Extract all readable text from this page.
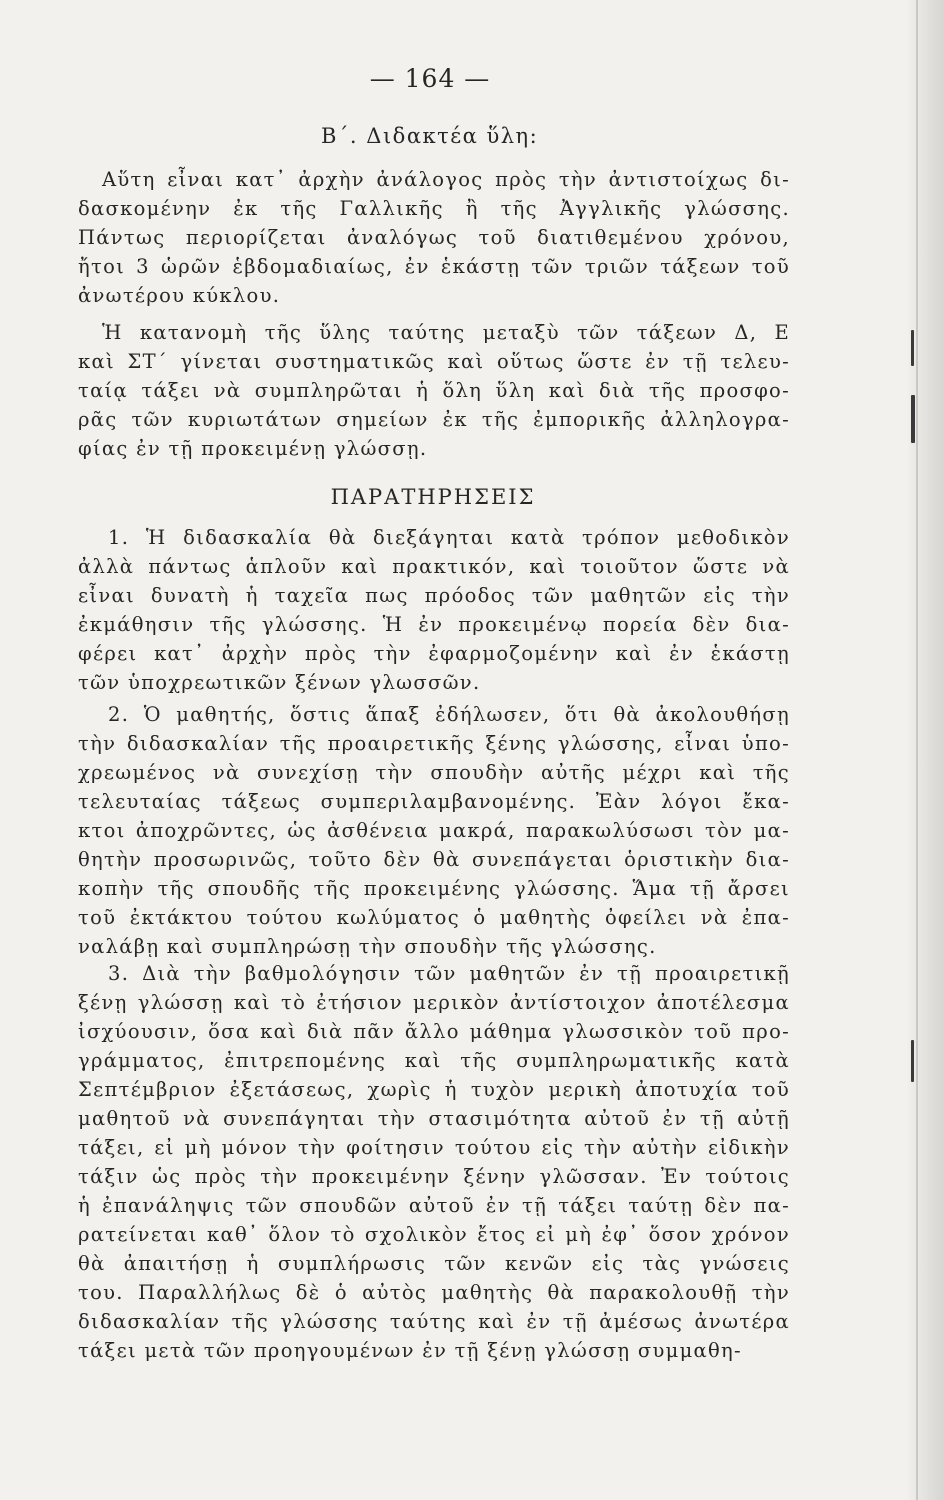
— 164 —
Β΄. Διδακτέα ὕλη:
Αὕτη εἶναι κατ᾽ ἀρχὴν ἀνάλογος πρὸς τὴν ἀντιστοίχως δι-
δασκομένην ἐκ τῆς Γαλλικῆς ἢ τῆς Ἀγγλικῆς γλώσσης.
Πάντως περιορίζεται ἀναλόγως τοῦ διατιθεμένου χρόνου,
ἤτοι 3 ὡρῶν ἑβδομαδιαίως, ἐν ἑκάστῃ τῶν τριῶν τάξεων τοῦ
ἀνωτέρου κύκλου.
Ἡ κατανομὴ τῆς ὕλης ταύτης μεταξὺ τῶν τάξεων Δ, Ε
καὶ ΣΤ΄ γίνεται συστηματικῶς καὶ οὕτως ὥστε ἐν τῇ τελευ-
ταίᾳ τάξει νὰ συμπληρῶται ἡ ὅλη ὕλη καὶ διὰ τῆς προσφο-
ρᾶς τῶν κυριωτάτων σημείων ἐκ τῆς ἐμπορικῆς ἀλληλογρα-
φίας ἐν τῇ προκειμένῃ γλώσσῃ.
ΠΑΡΑΤΗΡΗΣΕΙΣ
1. Ἡ διδασκαλία θὰ διεξάγηται κατὰ τρόπον μεθοδικὸν
ἀλλὰ πάντως ἁπλοῦν καὶ πρακτικόν, καὶ τοιοῦτον ὥστε νὰ
εἶναι δυνατὴ ἡ ταχεῖα πως πρόοδος τῶν μαθητῶν εἰς τὴν
ἐκμάθησιν τῆς γλώσσης. Ἡ ἐν προκειμένῳ πορεία δὲν δια-
φέρει κατ᾽ ἀρχὴν πρὸς τὴν ἐφαρμοζομένην καὶ ἐν ἑκάστῃ
τῶν ὑποχρεωτικῶν ξένων γλωσσῶν.
2. Ὁ μαθητής, ὅστις ἅπαξ ἐδήλωσεν, ὅτι θὰ ἀκολουθήσῃ
τὴν διδασκαλίαν τῆς προαιρετικῆς ξένης γλώσσης, εἶναι ὑπο-
χρεωμένος νὰ συνεχίσῃ τὴν σπουδὴν αὐτῆς μέχρι καὶ τῆς
τελευταίας τάξεως συμπεριλαμβανομένης. Ἐὰν λόγοι ἔκα-
κτοι ἀποχρῶντες, ὡς ἀσθένεια μακρά, παρακωλύσωσι τὸν μα-
θητὴν προσωρινῶς, τοῦτο δὲν θὰ συνεπάγεται ὁριστικὴν δια-
κοπὴν τῆς σπουδῆς τῆς προκειμένης γλώσσης. Ἅμα τῇ ἄρσει
τοῦ ἐκτάκτου τούτου κωλύματος ὁ μαθητὴς ὀφείλει νὰ ἐπα-
ναλάβῃ καὶ συμπληρώσῃ τὴν σπουδὴν τῆς γλώσσης.
3. Διὰ τὴν βαθμολόγησιν τῶν μαθητῶν ἐν τῇ προαιρετικῇ
ξένῃ γλώσσῃ καὶ τὸ ἐτήσιον μερικὸν ἀντίστοιχον ἀποτέλεσμα
ἰσχύουσιν, ὅσα καὶ διὰ πᾶν ἄλλο μάθημα γλωσσικὸν τοῦ προ-
γράμματος, ἐπιτρεπομένης καὶ τῆς συμπληρωματικῆς κατὰ
Σεπτέμβριον ἐξετάσεως, χωρὶς ἡ τυχὸν μερικὴ ἀποτυχία τοῦ
μαθητοῦ νὰ συνεπάγηται τὴν στασιμότητα αὐτοῦ ἐν τῇ αὐτῇ
τάξει, εἰ μὴ μόνον τὴν φοίτησιν τούτου εἰς τὴν αὐτὴν εἰδικὴν
τάξιν ὡς πρὸς τὴν προκειμένην ξένην γλῶσσαν. Ἐν τούτοις
ἡ ἐπανάληψις τῶν σπουδῶν αὐτοῦ ἐν τῇ τάξει ταύτῃ δὲν πα-
ρατείνεται καθ᾽ ὅλον τὸ σχολικὸν ἔτος εἰ μὴ ἐφ᾽ ὅσον χρόνον
θὰ ἀπαιτήσῃ ἡ συμπλήρωσις τῶν κενῶν εἰς τὰς γνώσεις
του. Παραλλήλως δὲ ὁ αὐτὸς μαθητὴς θὰ παρακολουθῇ τὴν
διδασκαλίαν τῆς γλώσσης ταύτης καὶ ἐν τῇ ἀμέσως ἀνωτέρα
τάξει μετὰ τῶν προηγουμένων ἐν τῇ ξένῃ γλώσσῃ συμμαθη-
